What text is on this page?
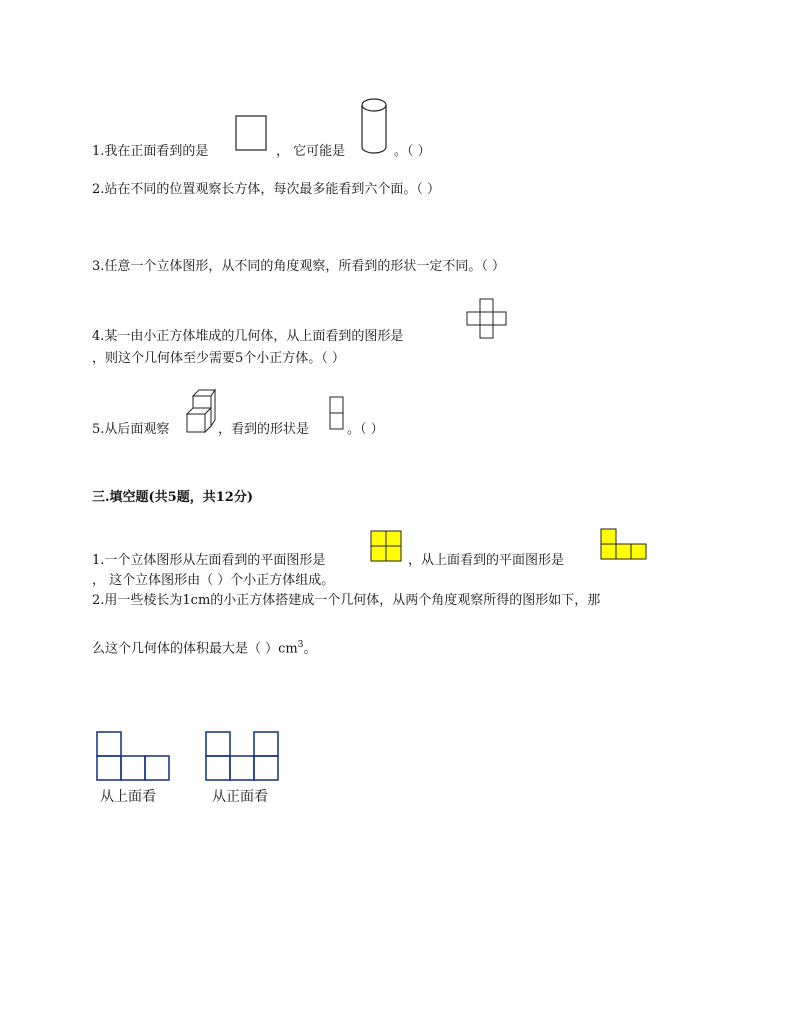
1.我在正面看到的是	， 它可能是	。（ ）
2.站在不同的位置观察长方体，每次最多能看到六个面。（ ）
3.任意一个立体图形，从不同的角度观察，所看到的形状一定不同。（ ）
4.某一由小正方体堆成的几何体，从上面看到的图形是
，则这个几何体至少需要5个小正方体。（ ）
5.从后面观察	，看到的形状是	。（ ）
三.填空题(共5题，共12分)
1.一个立体图形从左面看到的平面图形是	，从上面看到的平面图形是
， 这个立体图形由（ ）个小正方体组成。
2.用一些棱长为1cm的小正方体搭建成一个几何体，从两个角度观察所得的图形如下，那
么这个几何体的体积最大是（ ）$cm^3$。
从上面看	从正面看
